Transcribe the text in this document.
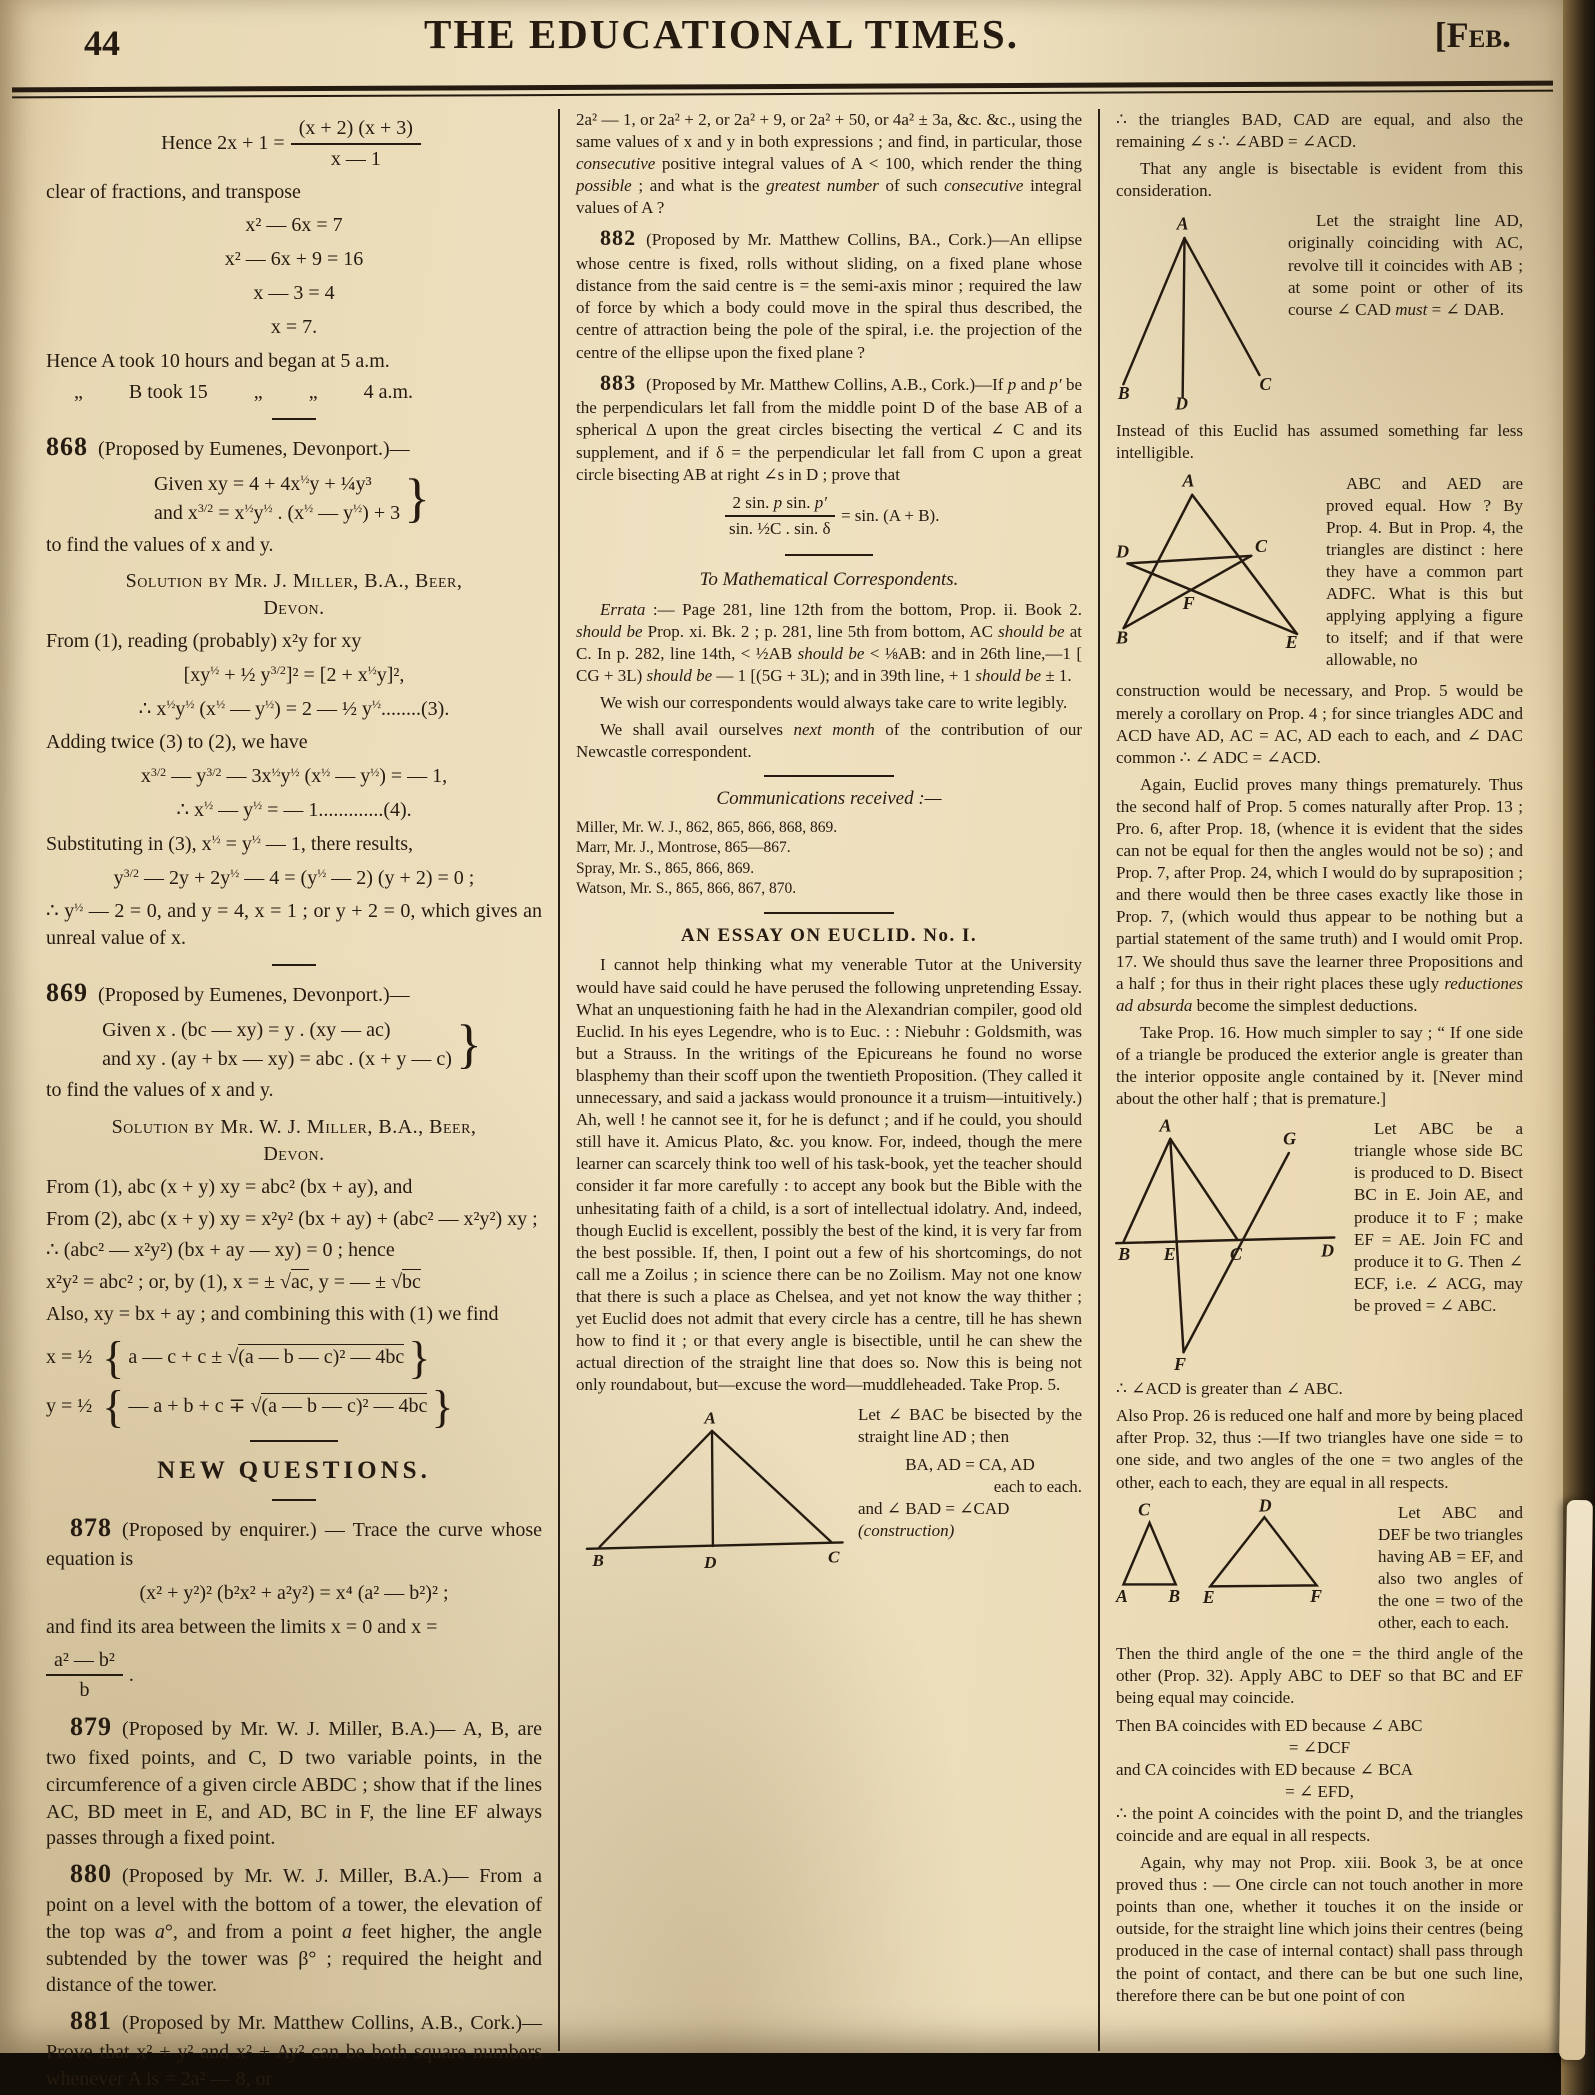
44	THE EDUCATIONAL TIMES.	[Feb.
Hence $2x + 1 = \frac{(x + 2) (x + 3)}{x — 1}$

clear of fractions, and transpose

x² — 6x = 7
x² — 6x + 9 = 16
x — 3 = 4
x = 7.

Hence A took 10 hours and began at 5 a.m.

„ B took 15 „ „ 4 a.m.

868 (Proposed by Eumenes, Devonport.)—

Given xy = $4 + 4x^{\frac{1}{2}}y$ + ¼y³
and $x^{3/2} = x^{\frac{1}{2}}y^{\frac{1}{2}}$ . ($x^{\frac{1}{2}}$ — $y^{\frac{1}{2}}) + 3$ }

to find the values of x and y.

Solution by Mr. J. Miller, B.A., Beer,
Devon.

From (1), reading (probably) x²y for xy

[$xy^{\frac{1}{2}}$ + ½ $y^{3/2}]^2 = [2 + x^{\frac{1}{2}}y]^2$,
∴ $x^{\frac{1}{2}}y^{\frac{1}{2}}$ ($x^{\frac{1}{2}}$ — $y^{\frac{1}{2}}) = 2$ — ½ $y^{\frac{1}{2}}........(3)$.

Adding twice (3) to (2), we have

$x^{3/2}$ — $y^{3/2}$ — $3x^{\frac{1}{2}}y^{\frac{1}{2}}$ ($x^{\frac{1}{2}}$ — $y^{\frac{1}{2}}$) = — 1,
∴ $x^{\frac{1}{2}}$ — $y^{\frac{1}{2}}$ = — 1.............(4).

Substituting in (3), $x^{\frac{1}{2}} = y^{\frac{1}{2}}$ — 1, there results,

$y^{3/2}$ — $2y + 2y^{\frac{1}{2}}$ — $4 = (y^{\frac{1}{2}}$ — 2) (y + 2) = 0 ;

∴ $y^{\frac{1}{2}}$ — 2 = 0, and y = 4, x = 1 ; or y + 2 = 0, which gives an unreal value of x.

869 (Proposed by Eumenes, Devonport.)—

Given x . (bc — xy) = y . (xy — ac)
and xy . (ay + bx — xy) = abc . (x + y — c) }

to find the values of x and y.

Solution by Mr. W. J. Miller, B.A., Beer,
Devon.

From (1), abc (x + y) xy = abc² (bx + ay), and

From (2), abc (x + y) xy = x²y² (bx + ay) + (abc² — x²y²) xy ;

∴ (abc² — x²y²) (bx + ay — xy) = 0 ; hence

x²y² = abc² ; or, by (1), x = ± √ac, y = — ± √bc

Also, xy = bx + ay ; and combining this with (1) we find

x = ½ { a — c + c ± √(a — b — c)² — 4bc }
y = ½ { — a + b + c ∓ √(a — b — c)² — 4bc }
NEW QUESTIONS.

878 (Proposed by enquirer.) — Trace the curve whose equation is

(x² + y²)² (b²x² + a²y²) = x⁴ (a² — b²)² ;

and find its area between the limits x = 0 and x =

$\frac{\text{a² — b²}}{b}$ .

879 (Proposed by Mr. W. J. Miller, B.A.)— A, B, are two fixed points, and C, D two variable points, in the circumference of a given circle ABDC ; show that if the lines AC, BD meet in E, and AD, BC in F, the line EF always passes through a fixed point.

880 (Proposed by Mr. W. J. Miller, B.A.)— From a point on a level with the bottom of a tower, the elevation of the top was a°, and from a point a feet higher, the angle subtended by the tower was β° ; required the height and distance of the tower.

881 (Proposed by Mr. Matthew Collins, A.B., Cork.)— Prove that x² + y² and x² + Ay² can be both square numbers whenever A is = 2a² — 8, or

2a² — 1, or 2a² + 2, or 2a² + 9, or 2a² + 50, or 4a² ± 3a, &c. &c., using the same values of x and y in both expressions ; and find, in particular, those consecutive positive integral values of A < 100, which render the thing possible ; and what is the greatest number of such consecutive integral values of A ?

882 (Proposed by Mr. Matthew Collins, BA., Cork.)—An ellipse whose centre is fixed, rolls without sliding, on a fixed plane whose distance from the said centre is = the semi-axis minor ; required the law of force by which a body could move in the spiral thus described, the centre of attraction being the pole of the spiral, i.e. the projection of the centre of the ellipse upon the fixed plane ?

883 (Proposed by Mr. Matthew Collins, A.B., Cork.)—If p and p′ be the perpendiculars let fall from the middle point D of the base AB of a spherical Δ upon the great circles bisecting the vertical ∠ C and its supplement, and if δ = the perpendicular let fall from C upon a great circle bisecting AB at right ∠s in D ; prove that

$\frac{\text{2 sin. p sin. p′}}{\text{sin. ½C . sin. δ}} = \sin$. (A + B).
To Mathematical Correspondents.

Errata :— Page 281, line 12th from the bottom, Prop. ii. Book 2. should be Prop. xi. Bk. 2 ; p. 281, line 5th from bottom, AC should be at C. In p. 282, line 14th, < ½AB should be < ⅛AB: and in 26th line,—1 [ CG + 3L) should be — 1 [(5G + 3L); and in 39th line, + 1 should be ± 1.

We wish our correspondents would always take care to write legibly.

We shall avail ourselves next month of the contribution of our Newcastle correspondent.

Communications received :—
Miller, Mr. W. J., 862, 865, 866, 868, 869.
Marr, Mr. J., Montrose, 865—867.
Spray, Mr. S., 865, 866, 869.
Watson, Mr. S., 865, 866, 867, 870.
AN ESSAY ON EUCLID. No. I.

I cannot help thinking what my venerable Tutor at the University would have said could he have perused the following unpretending Essay. What an unquestioning faith he had in the Alexandrian compiler, good old Euclid. In his eyes Legendre, who is to Euc. : : Niebuhr : Goldsmith, was but a Strauss. In the writings of the Epicureans he found no worse blasphemy than their scoff upon the twentieth Proposition. (They called it unnecessary, and said a jackass would pronounce it a truism—intuitively.) Ah, well ! he cannot see it, for he is defunct ; and if he could, you should still have it. Amicus Plato, &c. you know. For, indeed, though the mere learner can scarcely think too well of his task-book, yet the teacher should consider it far more carefully : to accept any book but the Bible with the unhesitating faith of a child, is a sort of intellectual idolatry. And, indeed, though Euclid is excellent, possibly the best of the kind, it is very far from the best possible. If, then, I point out a few of his shortcomings, do not call me a Zoilus ; in science there can be no Zoilism. May not one know that there is such a place as Chelsea, and yet not know the way thither ; yet Euclid does not admit that every circle has a centre, till he has shewn how to find it ; or that every angle is bisectible, until he can shew the actual direction of the straight line that does so. Now this is being not only roundabout, but—excuse the word—muddleheaded. Take Prop. 5.

A
B	D	C

Let ∠ BAC be bisected by the straight line AD ; then

BA, AD = CA, AD
each to each.
and ∠ BAD = ∠CAD
(construction)

∴ the triangles BAD, CAD are equal, and also the remaining ∠ s ∴ ∠ABD = ∠ACD.

That any angle is bisectable is evident from this consideration.

A
B
D
C

Let the straight line AD, originally coinciding with AC, revolve till it coincides with AB ; at some point or other of its course ∠ CAD must = ∠ DAB.

Instead of this Euclid has assumed something far less intelligible.

A
D	C
F
B	E

ABC and AED are proved equal. How ? By Prop. 4. But in Prop. 4, the triangles are distinct : here they have a common part ADFC. What is this but applying applying a figure to itself; and if that were allowable, no

construction would be necessary, and Prop. 5 would be merely a corollary on Prop. 4 ; for since triangles ADC and ACD have AD, AC = AC, AD each to each, and ∠ DAC common ∴ ∠ ADC = ∠ACD.

Again, Euclid proves many things prematurely. Thus the second half of Prop. 5 comes naturally after Prop. 13 ; Pro. 6, after Prop. 18, (whence it is evident that the sides can not be equal for then the angles would not be so) ; and Prop. 7, after Prop. 24, which I would do by supraposition ; and there would then be three cases exactly like those in Prop. 7, (which would thus appear to be nothing but a partial statement of the same truth) and I would omit Prop. 17. We should thus save the learner three Propositions and a half ; for thus in their right places these ugly reductiones ad absurda become the simplest deductions.

Take Prop. 16. How much simpler to say ; “ If one side of a triangle be produced the exterior angle is greater than the interior opposite angle contained by it. [Never mind about the other half ; that is premature.]

A
G
B E	C	D
F

Let ABC be a triangle whose side BC is produced to D. Bisect BC in E. Join AE, and produce it to F ; make EF = AE. Join FC and produce it to G. Then ∠ ECF, i.e. ∠ ACG, may be proved = ∠ ABC.

∴ ∠ACD is greater than ∠ ABC.

Also Prop. 26 is reduced one half and more by being placed after Prop. 32, thus :—If two triangles have one side = to one side, and two angles of the one = two angles of the other, each to each, they are equal in all respects.

C
A B
D
E	F

Let ABC and DEF be two triangles having AB = EF, and also two angles of the one = two of the other, each to each.

Then the third angle of the one = the third angle of the other (Prop. 32). Apply ABC to DEF so that BC and EF being equal may coincide.

Then BA coincides with ED because ∠ ABC
= ∠DCF
and CA coincides with ED because ∠ BCA
= ∠ EFD,

∴ the point A coincides with the point D, and the triangles coincide and are equal in all respects.

Again, why may not Prop. xiii. Book 3, be at once proved thus : — One circle can not touch another in more points than one, whether it touches it on the inside or outside, for the straight line which joins their centres (being produced in the case of internal contact) shall pass through the point of contact, and there can be but one such line, therefore there can be but one point of con
